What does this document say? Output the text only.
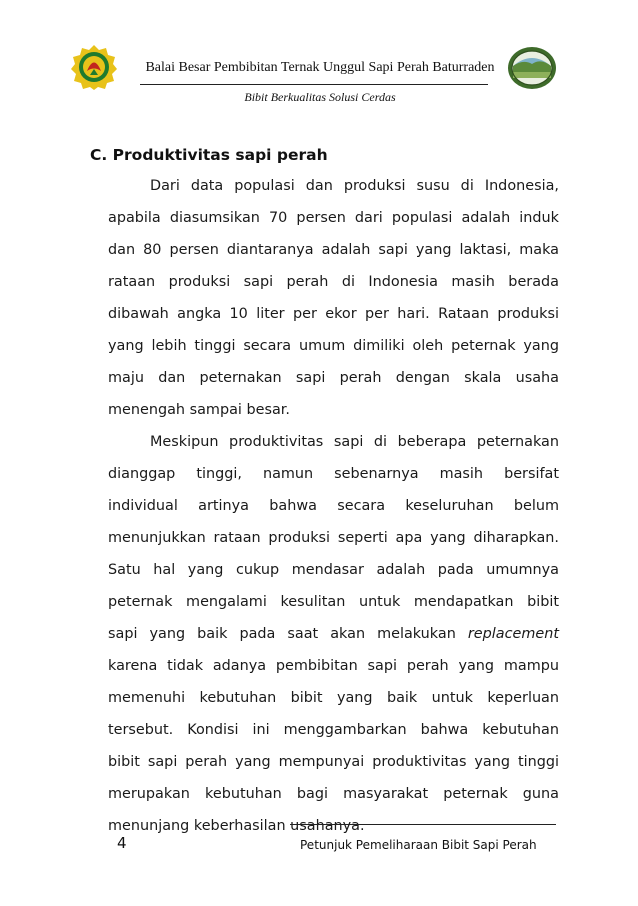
Balai Besar Pembibitan Ternak Unggul Sapi Perah Baturraden
Bibit Berkualitas Solusi Cerdas
C. Produktivitas sapi perah
Dari data populasi dan produksi susu di Indonesia,
apabila diasumsikan 70 persen dari populasi adalah induk
dan 80 persen diantaranya adalah sapi yang laktasi, maka
rataan produksi sapi perah di Indonesia masih berada
dibawah angka 10 liter per ekor per hari. Rataan produksi
yang lebih tinggi secara umum dimiliki oleh peternak yang
maju dan peternakan sapi perah dengan skala usaha
menengah sampai besar.
Meskipun produktivitas sapi di beberapa peternakan
dianggap tinggi, namun sebenarnya masih bersifat
individual artinya bahwa secara keseluruhan belum
menunjukkan rataan produksi seperti apa yang diharapkan.
Satu hal yang cukup mendasar adalah pada umumnya
peternak mengalami kesulitan untuk mendapatkan bibit
sapi yang baik pada saat akan melakukan replacement
karena tidak adanya pembibitan sapi perah yang mampu
memenuhi kebutuhan bibit yang baik untuk keperluan
tersebut. Kondisi ini menggambarkan bahwa kebutuhan
bibit sapi perah yang mempunyai produktivitas yang tinggi
merupakan kebutuhan bagi masyarakat peternak guna
menunjang keberhasilan usahanya.
4	Petunjuk Pemeliharaan Bibit Sapi Perah
